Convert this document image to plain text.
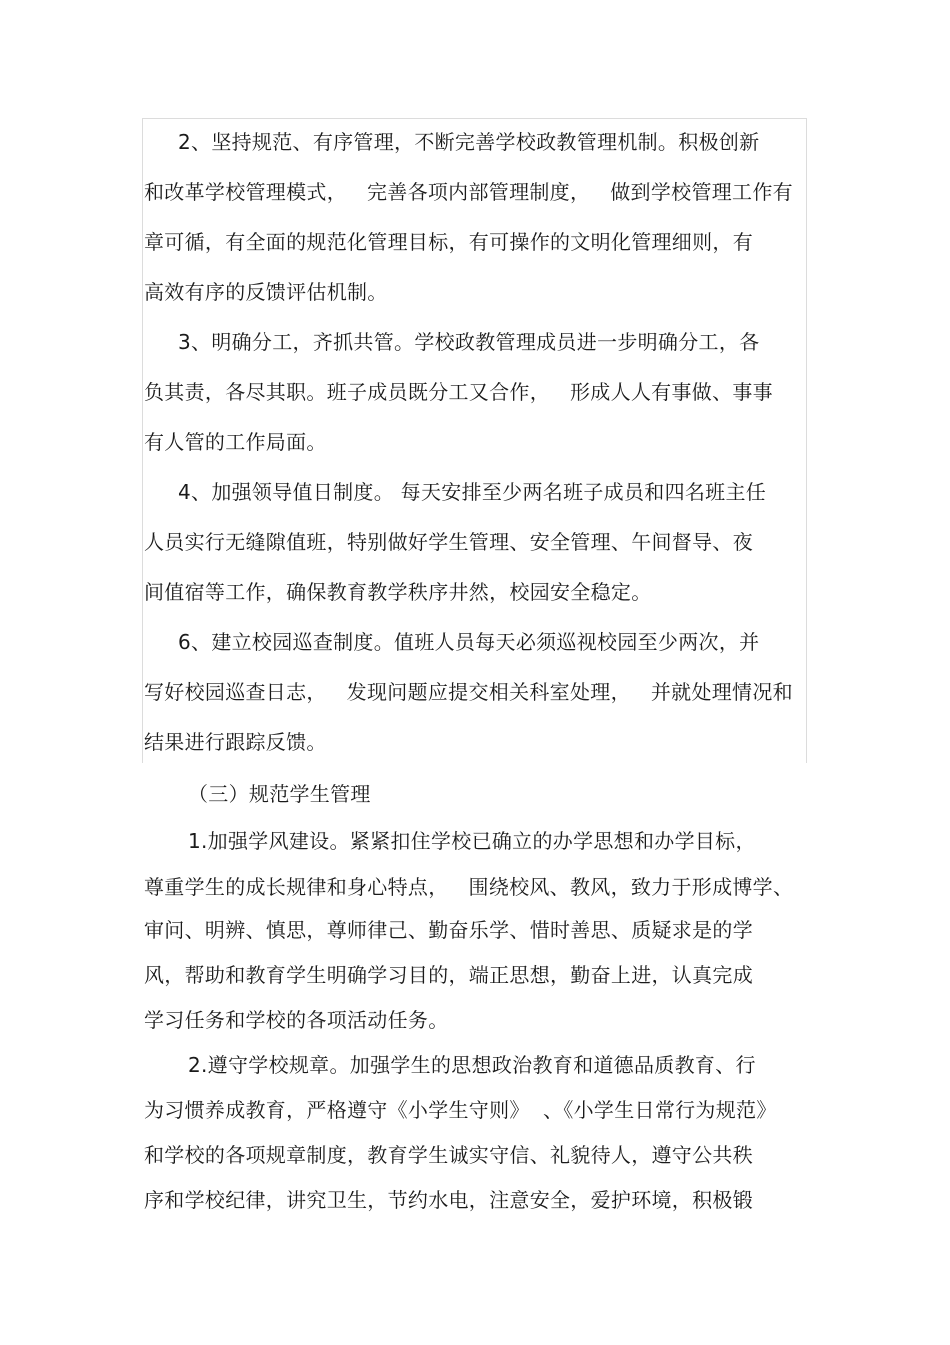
2、坚持规范、有序管理，不断完善学校政教管理机制。积极创新
和改革学校管理模式，   完善各项内部管理制度，   做到学校管理工作有
章可循，有全面的规范化管理目标，有可操作的文明化管理细则，有
高效有序的反馈评估机制。
3、明确分工，齐抓共管。学校政教管理成员进一步明确分工，各
负其责，各尽其职。班子成员既分工又合作，   形成人人有事做、事事
有人管的工作局面。
4、加强领导值日制度。 每天安排至少两名班子成员和四名班主任
人员实行无缝隙值班，特别做好学生管理、安全管理、午间督导、夜
间值宿等工作，确保教育教学秩序井然，校园安全稳定。
6、建立校园巡查制度。值班人员每天必须巡视校园至少两次，并
写好校园巡查日志，   发现问题应提交相关科室处理，   并就处理情况和
结果进行跟踪反馈。
（三）规范学生管理
1.加强学风建设。紧紧扣住学校已确立的办学思想和办学目标，
尊重学生的成长规律和身心特点，   围绕校风、教风，致力于形成博学、
审问、明辨、慎思，尊师律己、勤奋乐学、惜时善思、质疑求是的学
风，帮助和教育学生明确学习目的，端正思想，勤奋上进，认真完成
学习任务和学校的各项活动任务。
2.遵守学校规章。加强学生的思想政治教育和道德品质教育、行
为习惯养成教育，严格遵守《小学生守则》  、《小学生日常行为规范》
和学校的各项规章制度，教育学生诚实守信、礼貌待人，遵守公共秩
序和学校纪律，讲究卫生，节约水电，注意安全，爱护环境，积极锻
